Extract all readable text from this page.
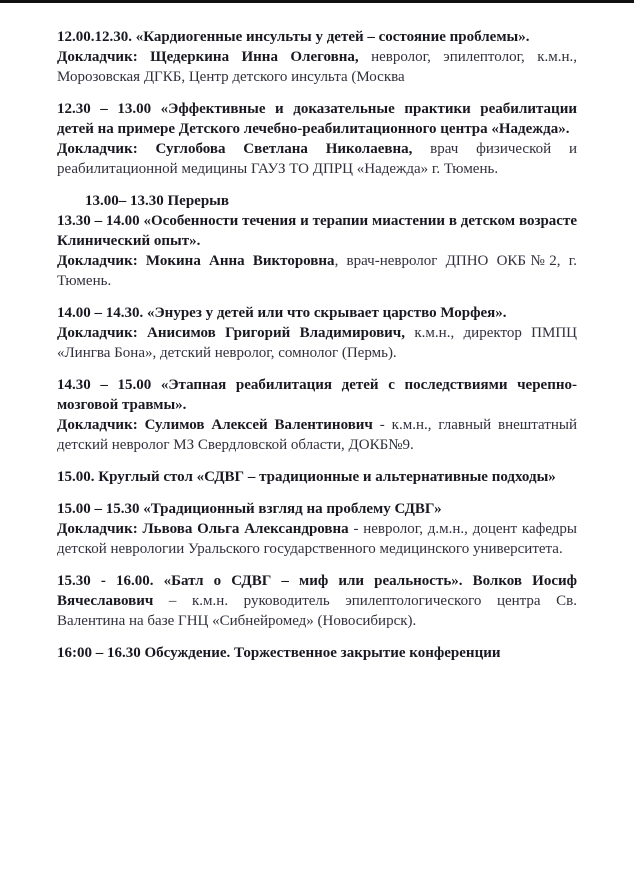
12.00.12.30. «Кардиогенные инсульты у детей – состояние проблемы».

Докладчик: Щедеркина Инна Олеговна, невролог, эпилептолог, к.м.н., Морозовская ДГКБ, Центр детского инсульта (Москва

12.30 – 13.00 «Эффективные и доказательные практики реабилитации детей на примере Детского лечебно-реабилитационного центра «Надежда».

Докладчик: Суглобова Светлана Николаевна, врач физической и реабилитационной медицины ГАУЗ ТО ДПРЦ «Надежда» г. Тюмень.

13.00– 13.30 Перерыв

13.30 – 14.00 «Особенности течения и терапии миастении в детском возрасте Клинический опыт».

Докладчик: Мокина Анна Викторовна, врач-невролог ДПНО ОКБ№2, г. Тюмень.

14.00 – 14.30. «Энурез у детей или что скрывает царство Морфея».

Докладчик: Анисимов Григорий Владимирович, к.м.н., директор ПМПЦ «Лингва Бона», детский невролог, сомнолог (Пермь).

14.30 – 15.00 «Этапная реабилитация детей с последствиями черепно-мозговой травмы».

Докладчик: Сулимов Алексей Валентинович - к.м.н., главный внештатный детский невролог МЗ Свердловской области, ДОКБ№9.

15.00. Круглый стол «СДВГ – традиционные и альтернативные подходы»

15.00 – 15.30 «Традиционный взгляд на проблему СДВГ»

Докладчик: Львова Ольга Александровна - невролог, д.м.н., доцент кафедры детской неврологии Уральского государственного медицинского университета.

15.30 - 16.00. «Батл о СДВГ – миф или реальность». Волков Иосиф Вячеславович – к.м.н. руководитель эпилептологического центра Св. Валентина на базе ГНЦ «Сибнейромед» (Новосибирск).

16:00 – 16.30 Обсуждение. Торжественное закрытие конференции
